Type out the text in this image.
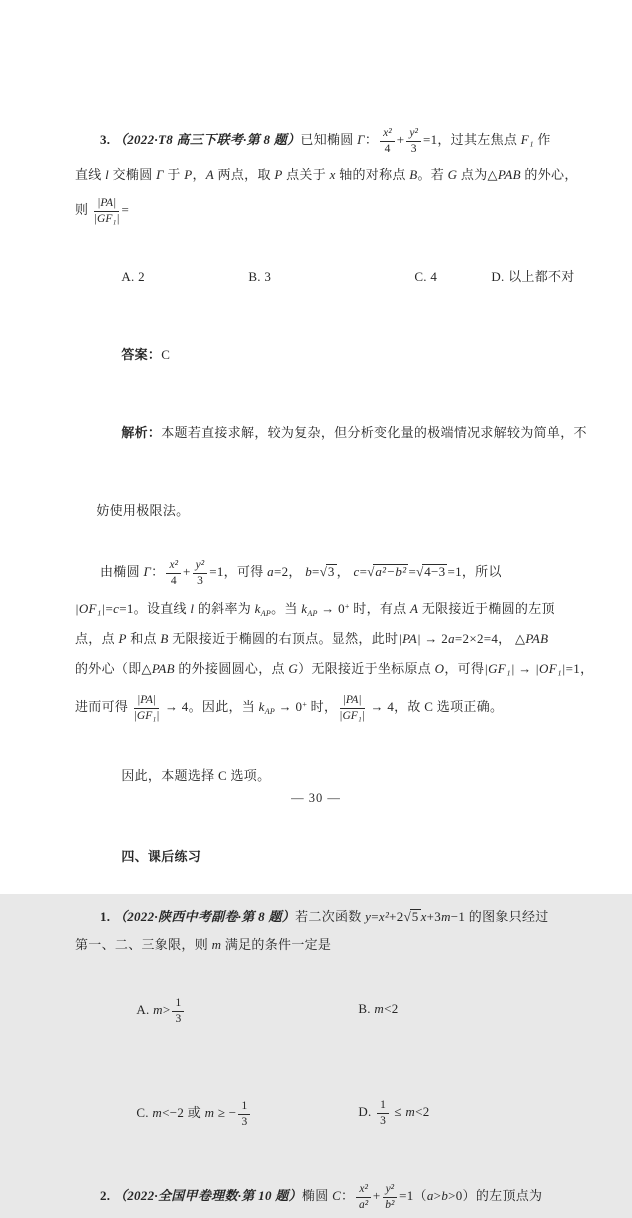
3. （2022·T8 高三下联考·第 8 题）已知椭圆 Γ： $\frac{\text{x²}}{4} + \frac{\text{y²}}{3} =1$，过其左焦点 F₁ 作
直线 l 交椭圆 Γ 于 P，A 两点，取 P 点关于 x 轴的对称点 B。若 G 点为△PAB 的外心，
则 $\frac{|PA|}{\text{|GF₁|}}$ =

A. 2	B. 3	C. 4	D. 以上都不对

答案：C

解析：本题若直接求解，较为复杂，但分析变化量的极端情况求解较为简单，不

妨使用极限法。

由椭圆 Γ： $\frac{\text{x²}}{4} + \frac{\text{y²}}{3} =1$，可得 a=2， b=√3 ， c=√a²−b² =√4−3 =1，所以
|OF₁|=c=1。设直线 l 的斜率为 $k_{AP}$。当 $k_{AP} \to 0^+$ 时，有点 A 无限接近于椭圆的左顶
点，点 P 和点 B 无限接近于椭圆的右顶点。显然，此时|PA| → 2a=2×2=4， △PAB
的外心（即△PAB 的外接圆圆心，点 G）无限接近于坐标原点 O，可得|GF₁| → |OF₁|=1，
进而可得 $\frac{|PA|}{\text{|GF₁|}} \to 4$。因此，当 $k_{AP} \to 0^+$ 时， $\frac{|PA|}{\text{|GF₁|}} \to 4$，故 C 选项正确。

因此，本题选择 C 选项。

四、课后练习

1. （2022·陕西中考副卷·第 8 题）若二次函数 y=x²+2√5 x+3m−1 的图象只经过
第一、二、三象限，则 m 满足的条件一定是

A. $m> \frac{1}{3}$	B. m<2

C. m<−2 或 m ≥ − $\frac{1}{3}$	D. $\frac{1}{3} \le m<2$

2. （2022·全国甲卷理数·第 10 题）椭圆 C： $\frac{\text{x²}}{\text{a²}} + \frac{\text{y²}}{\text{b²}} =1(a>b>0)$的左顶点为
— 30 —
